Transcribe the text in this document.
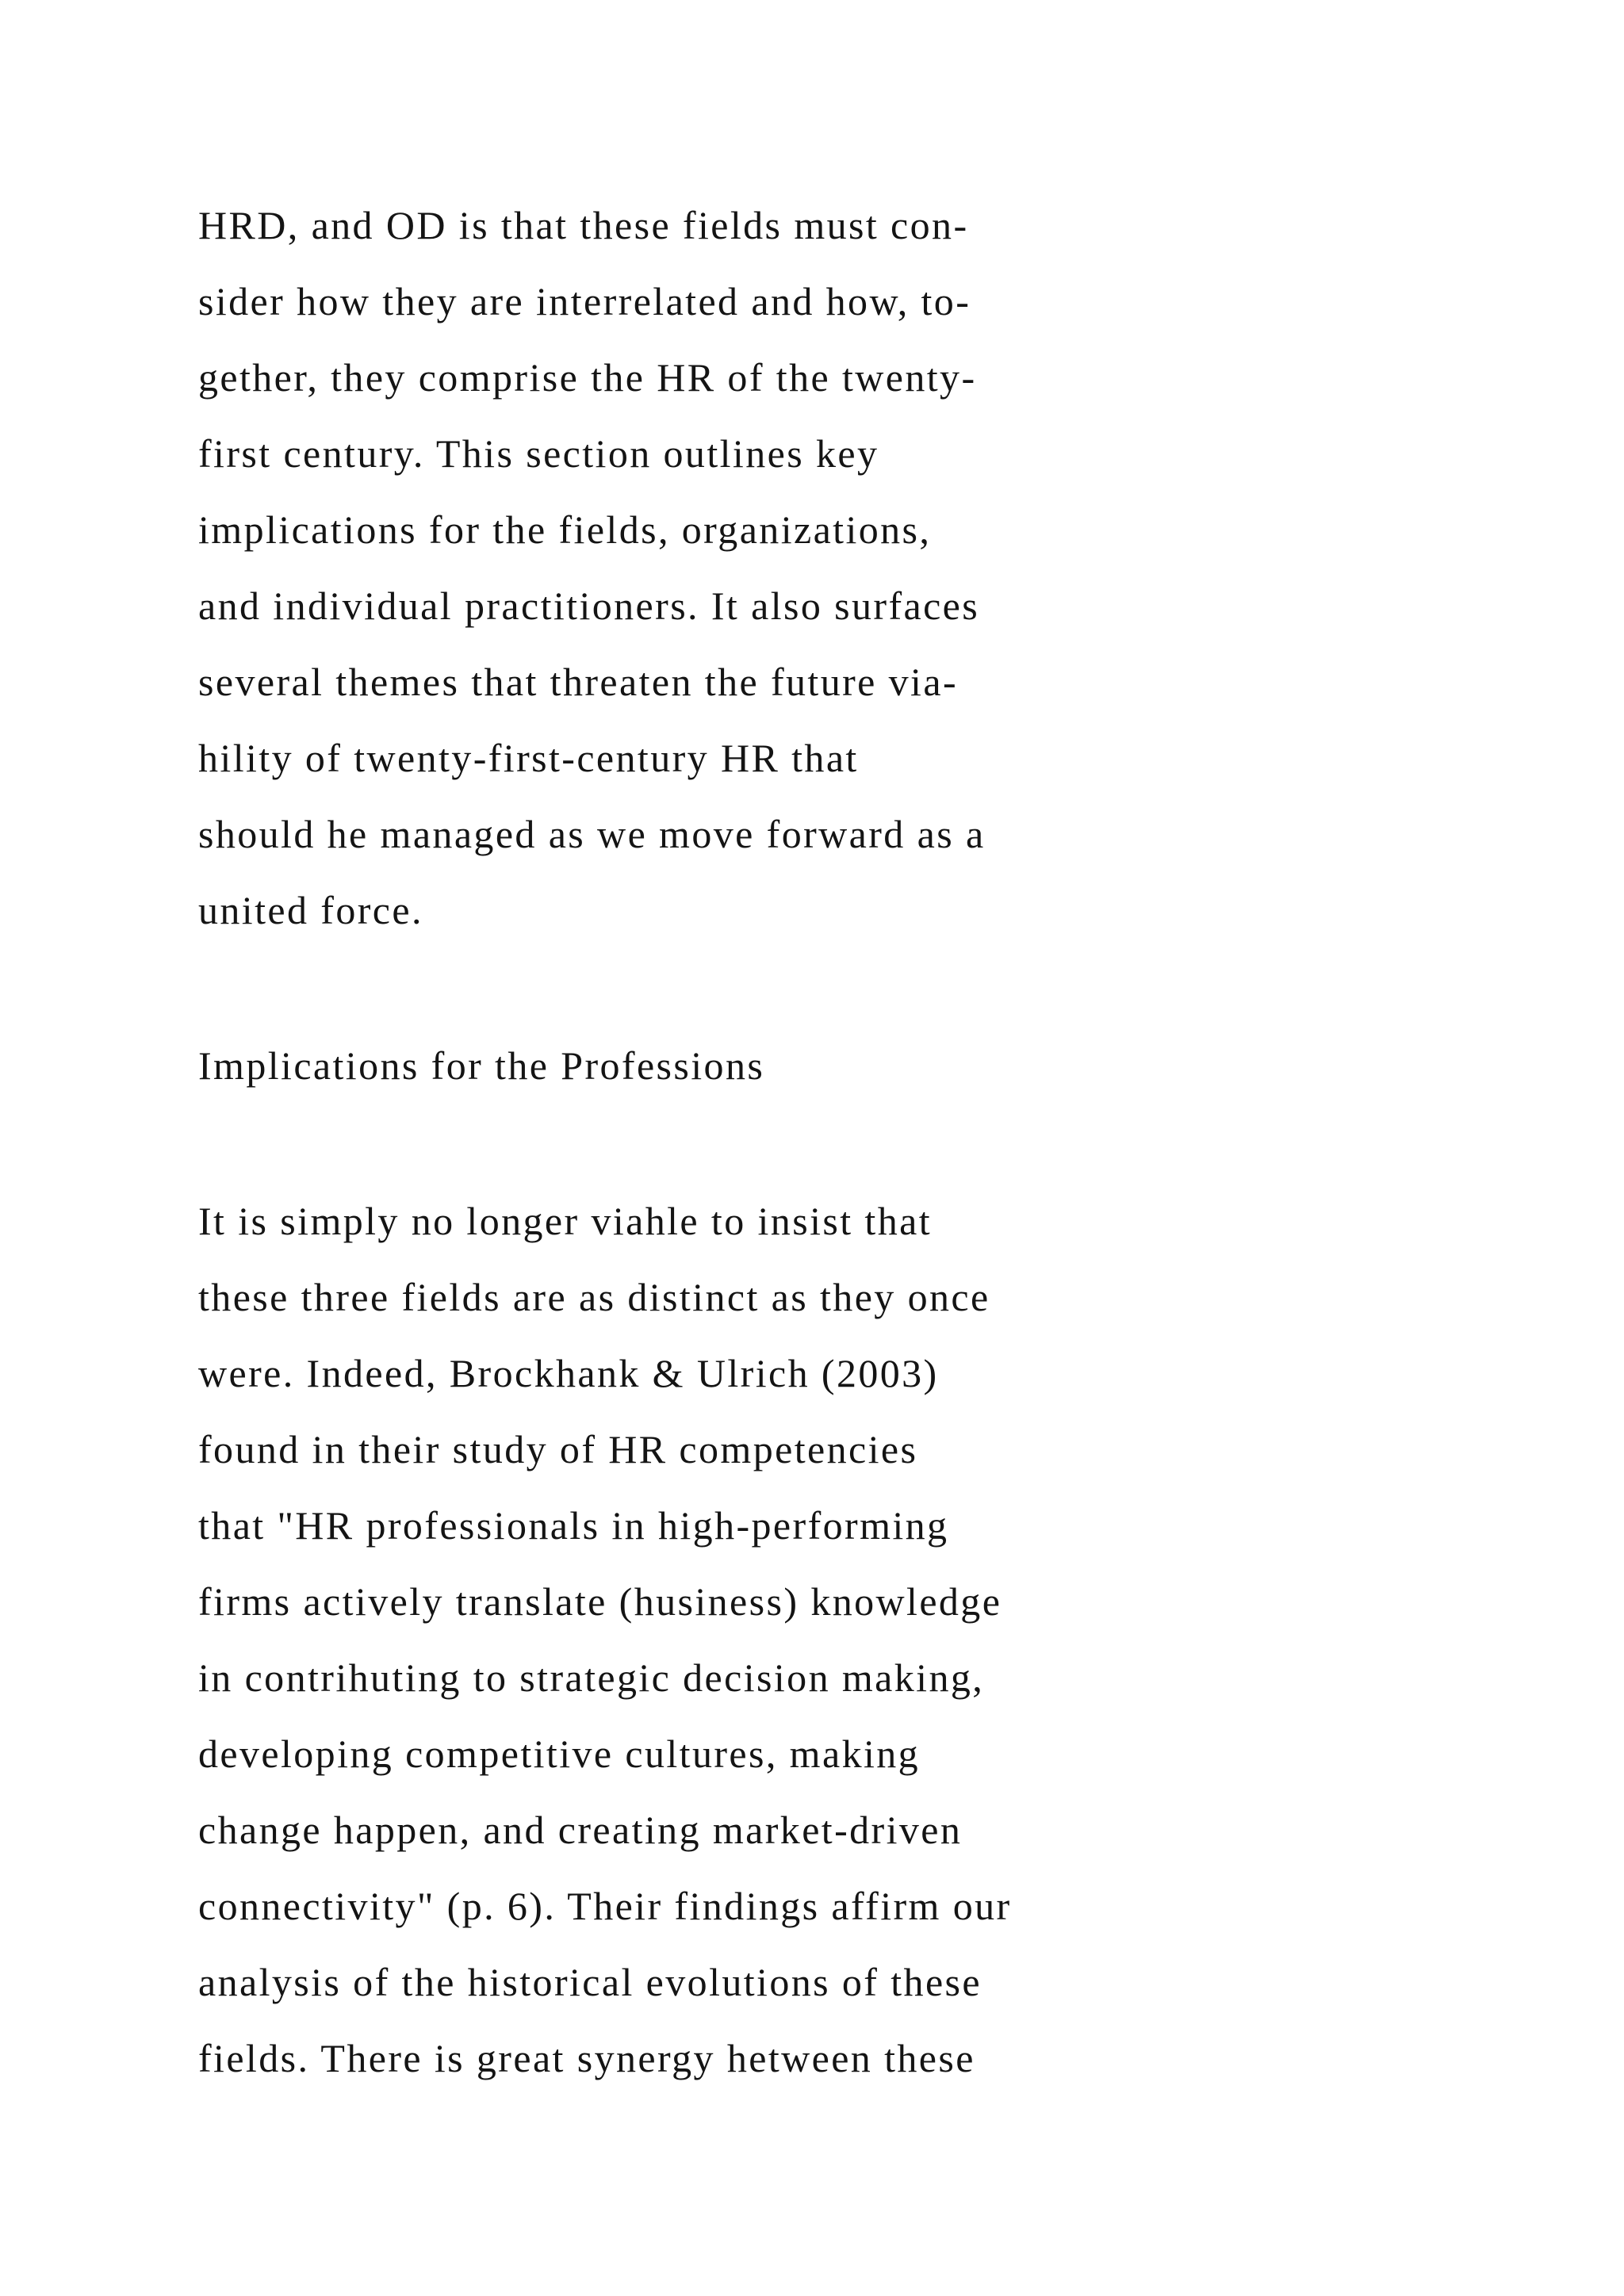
HRD, and OD is that these fields must con-
sider how they are interrelated and how, to-
gether, they comprise the HR of the twenty-
first century. This section outlines key
implications for the fields, organizations,
and individual practitioners. It also surfaces
several themes that threaten the future via-
hility of twenty-first-century HR that
should he managed as we move forward as a
united force.
Implications for the Professions
It is simply no longer viahle to insist that
these three fields are as distinct as they once
were. Indeed, Brockhank & Ulrich (2003)
found in their study of HR competencies
that "HR professionals in high-performing
firms actively translate (husiness) knowledge
in contrihuting to strategic decision making,
developing competitive cultures, making
change happen, and creating market-driven
connectivity" (p. 6). Their findings affirm our
analysis of the historical evolutions of these
fields. There is great synergy hetween these
